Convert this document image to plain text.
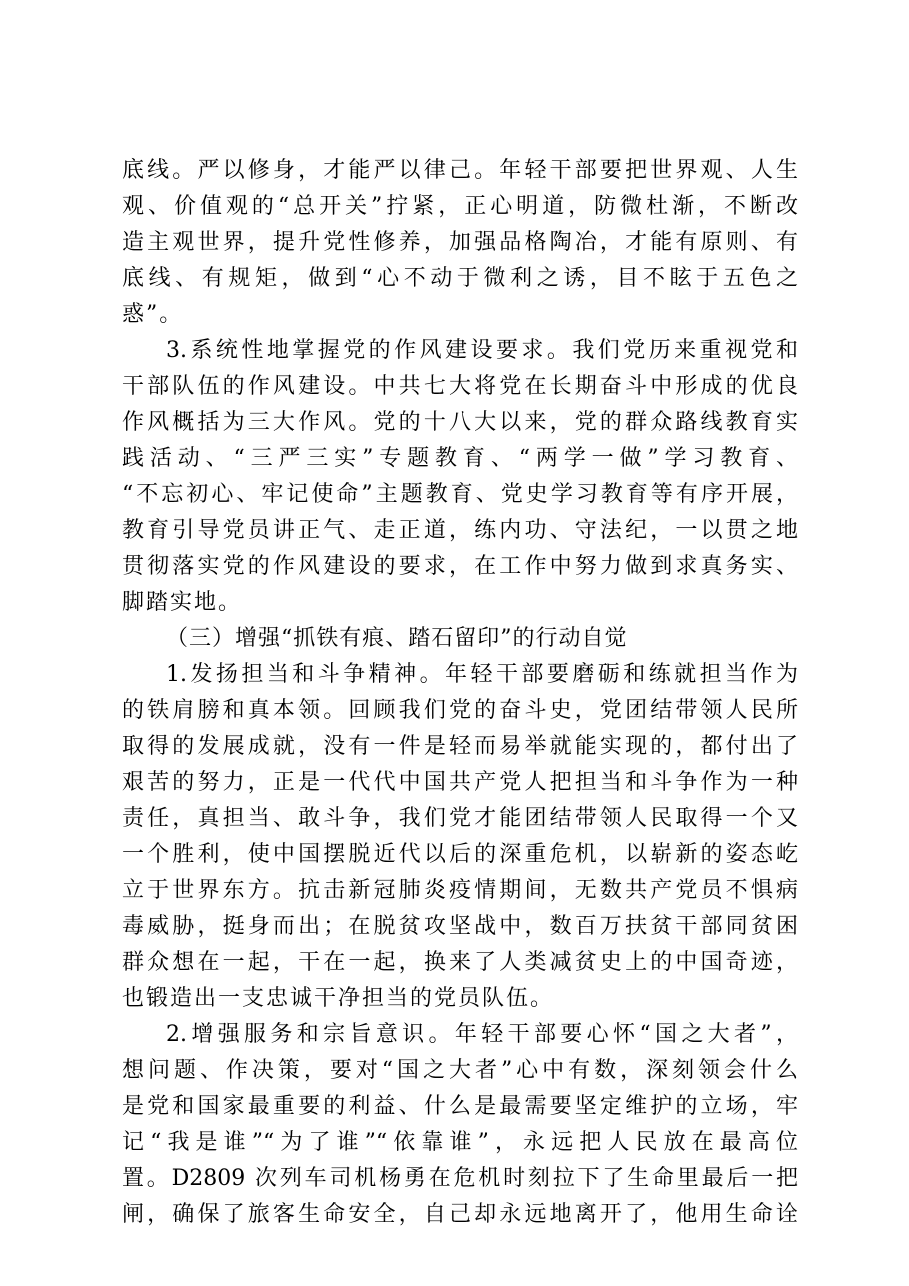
底线。严以修身，才能严以律己。年轻干部要把世界观、人生
观、价值观的“总开关”拧紧，正心明道，防微杜渐，不断改
造主观世界，提升党性修养，加强品格陶冶，才能有原则、有
底线、有规矩，做到“心不动于微利之诱，目不眩于五色之
惑”。
3.系统性地掌握党的作风建设要求。我们党历来重视党和
干部队伍的作风建设。中共七大将党在长期奋斗中形成的优良
作风概括为三大作风。党的十八大以来，党的群众路线教育实
践活动、“三严三实”专题教育、“两学一做”学习教育、
“不忘初心、牢记使命”主题教育、党史学习教育等有序开展，
教育引导党员讲正气、走正道，练内功、守法纪，一以贯之地
贯彻落实党的作风建设的要求，在工作中努力做到求真务实、
脚踏实地。
（三）增强“抓铁有痕、踏石留印”的行动自觉
1.发扬担当和斗争精神。年轻干部要磨砺和练就担当作为
的铁肩膀和真本领。回顾我们党的奋斗史，党团结带领人民所
取得的发展成就，没有一件是轻而易举就能实现的，都付出了
艰苦的努力，正是一代代中国共产党人把担当和斗争作为一种
责任，真担当、敢斗争，我们党才能团结带领人民取得一个又
一个胜利，使中国摆脱近代以后的深重危机，以崭新的姿态屹
立于世界东方。抗击新冠肺炎疫情期间，无数共产党员不惧病
毒威胁，挺身而出；在脱贫攻坚战中，数百万扶贫干部同贫困
群众想在一起，干在一起，换来了人类减贫史上的中国奇迹，
也锻造出一支忠诚干净担当的党员队伍。
2.增强服务和宗旨意识。年轻干部要心怀“国之大者”，
想问题、作决策，要对“国之大者”心中有数，深刻领会什么
是党和国家最重要的利益、什么是最需要坚定维护的立场，牢
记“我是谁”“为了谁”“依靠谁”，永远把人民放在最高位
置。D2809 次列车司机杨勇在危机时刻拉下了生命里最后一把
闸，确保了旅客生命安全，自己却永远地离开了，他用生命诠
